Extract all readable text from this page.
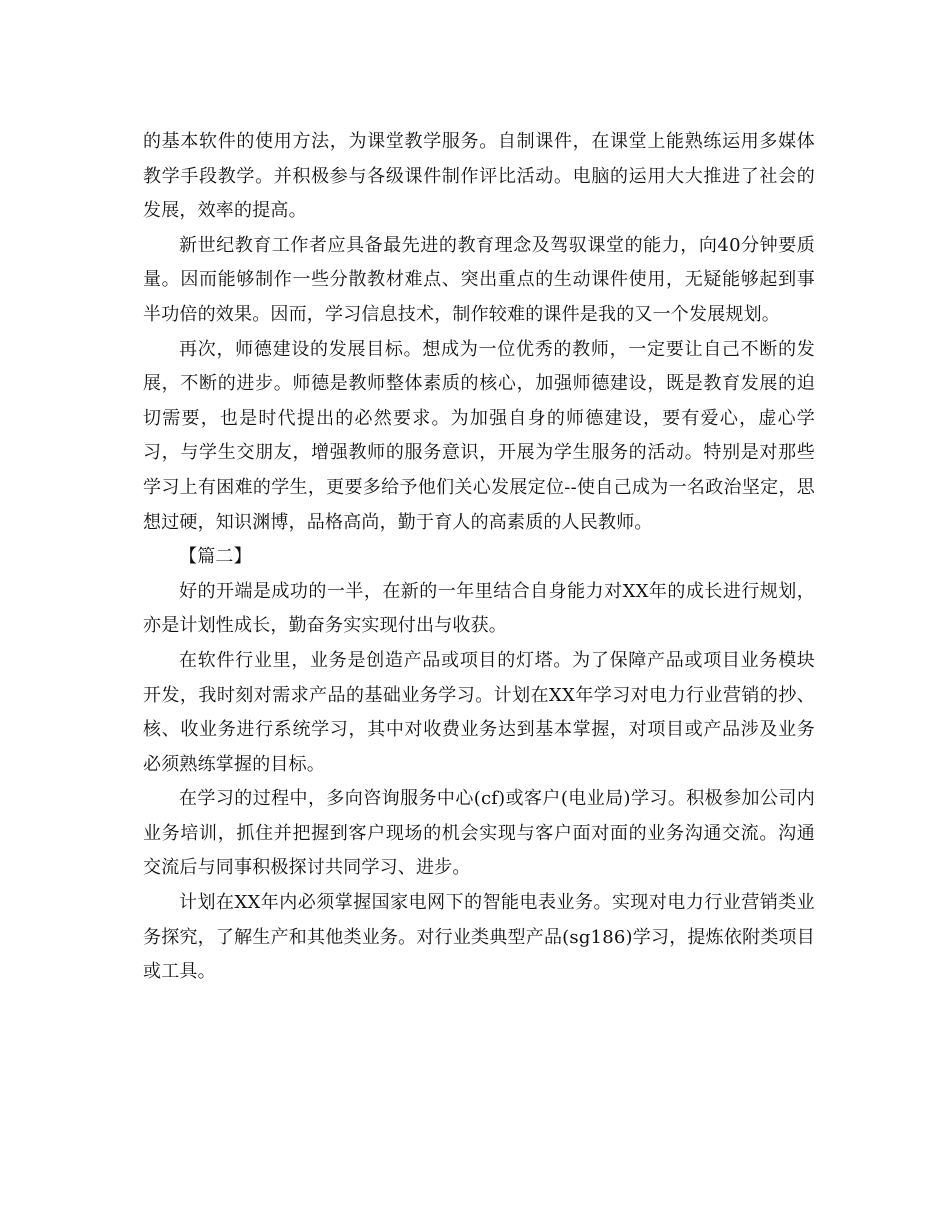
的基本软件的使用方法，为课堂教学服务。自制课件，在课堂上能熟练运用多媒体教学手段教学。并积极参与各级课件制作评比活动。电脑的运用大大推进了社会的发展，效率的提高。

新世纪教育工作者应具备最先进的教育理念及驾驭课堂的能力，向40分钟要质量。因而能够制作一些分散教材难点、突出重点的生动课件使用，无疑能够起到事半功倍的效果。因而，学习信息技术，制作较难的课件是我的又一个发展规划。

再次，师德建设的发展目标。想成为一位优秀的教师，一定要让自己不断的发展，不断的进步。师德是教师整体素质的核心，加强师德建设，既是教育发展的迫切需要，也是时代提出的必然要求。为加强自身的师德建设，要有爱心，虚心学习，与学生交朋友，增强教师的服务意识，开展为学生服务的活动。特别是对那些学习上有困难的学生，更要多给予他们关心发展定位--使自己成为一名政治坚定，思想过硬，知识渊博，品格高尚，勤于育人的高素质的人民教师。

【篇二】

好的开端是成功的一半，在新的一年里结合自身能力对XX年的成长进行规划，亦是计划性成长，勤奋务实实现付出与收获。

在软件行业里，业务是创造产品或项目的灯塔。为了保障产品或项目业务模块开发，我时刻对需求产品的基础业务学习。计划在XX年学习对电力行业营销的抄、核、收业务进行系统学习，其中对收费业务达到基本掌握，对项目或产品涉及业务必须熟练掌握的目标。

在学习的过程中，多向咨询服务中心(cf)或客户(电业局)学习。积极参加公司内业务培训，抓住并把握到客户现场的机会实现与客户面对面的业务沟通交流。沟通交流后与同事积极探讨共同学习、进步。

计划在XX年内必须掌握国家电网下的智能电表业务。实现对电力行业营销类业务探究，了解生产和其他类业务。对行业类典型产品(sg186)学习，提炼依附类项目或工具。
